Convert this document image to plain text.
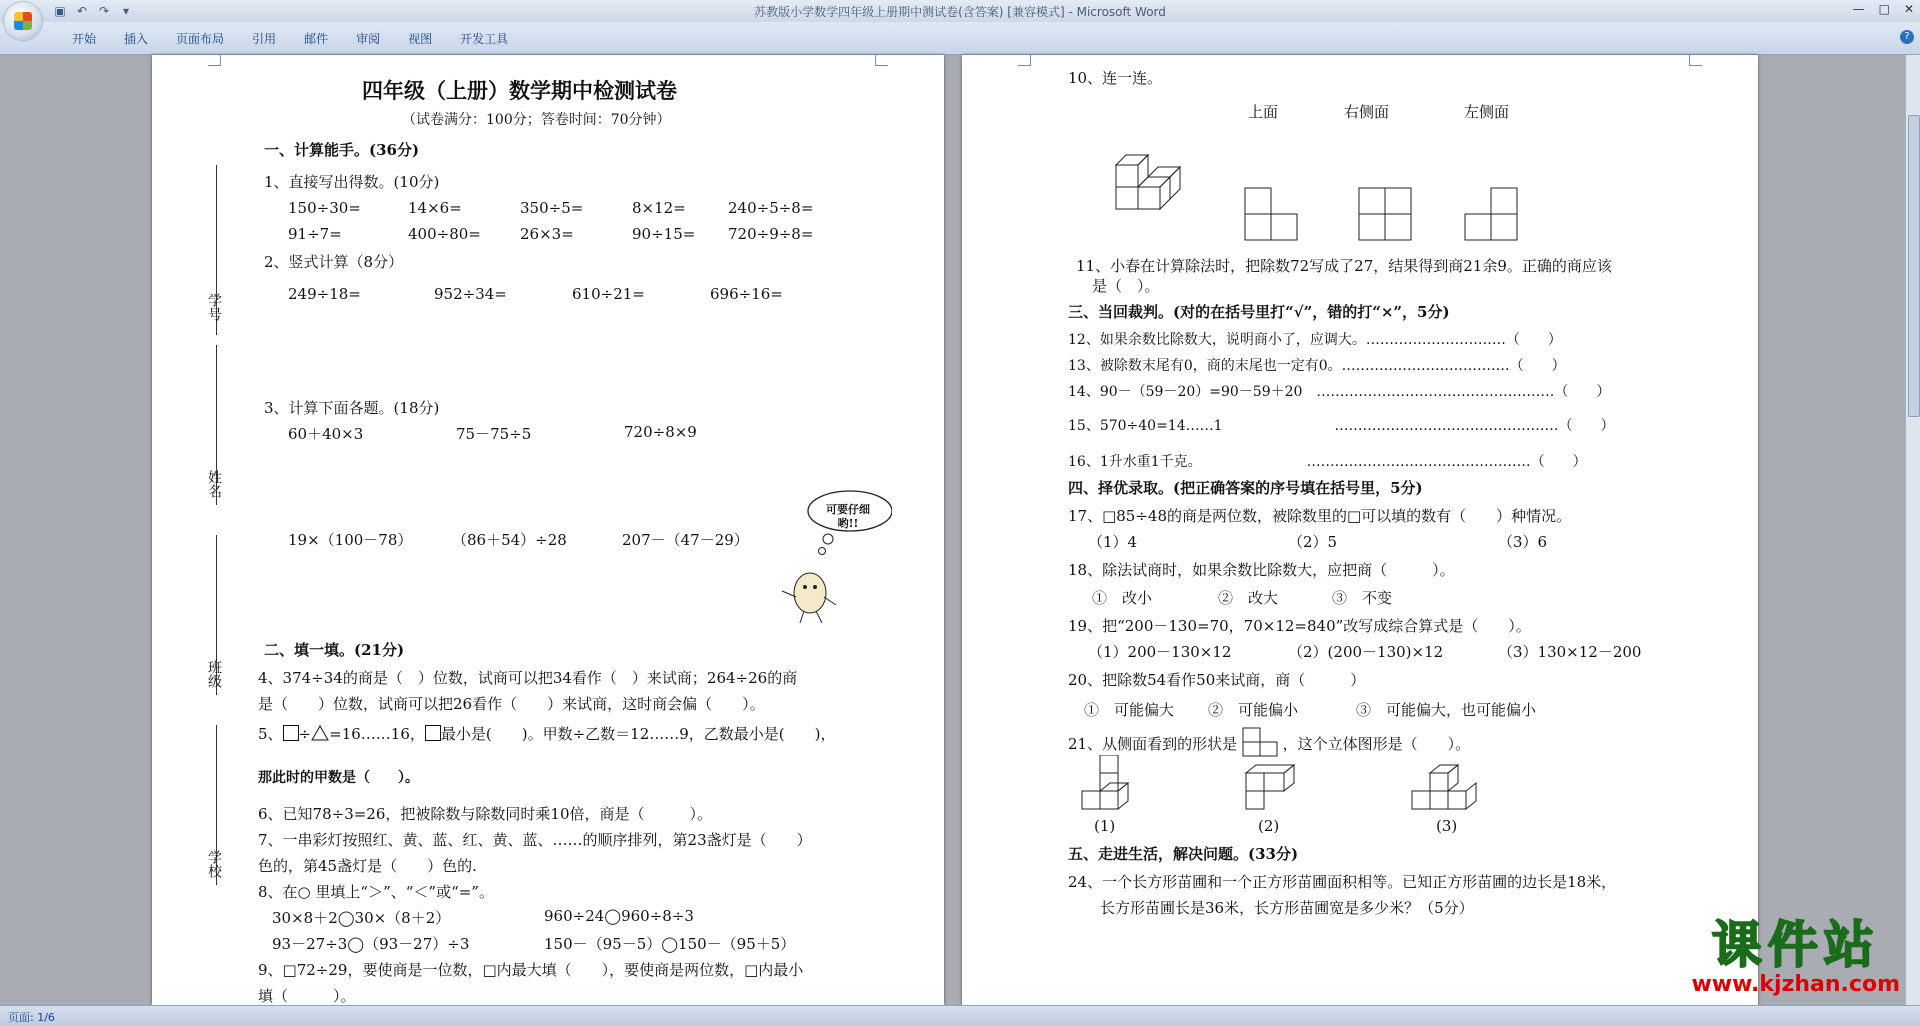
▣ ↶ ↷	▾	苏教版小学数学四年级上册期中测试卷(含答案) [兼容模式] - Microsoft Word	— □ ✕
开始	插入	页面布局	引用	邮件	审阅	视图	开发工具	?
学号
姓名
班级
学校
四年级（上册）数学期中检测试卷
（试卷满分：100分；答卷时间：70分钟）
一、计算能手。(36分)
1、直接写出得数。(10分)
150÷30=	14×6=	350÷5=	8×12=	240÷5÷8=
91÷7=	400÷80=	26×3=	90÷15= 720÷9÷8=
2、竖式计算（8分）
249÷18=	952÷34=	610÷21=	696÷16=
3、计算下面各题。(18分)
60＋40×3	75－75÷5	720÷8×9
19×（100－78）	（86＋54）÷28	207－（47－29）
可要仔细哟!!
二、填一填。(21分)
4、374÷34的商是（　）位数，试商可以把34看作（　）来试商；264÷26的商
是（　　）位数，试商可以把26看作（　　）来试商，这时商会偏（　　）。
5、 ÷ =16……16， 最小是(　　)。甲数÷乙数＝12……9，乙数最小是(　　)，
那此时的甲数是（　　）。
6、已知78÷3=26，把被除数与除数同时乘10倍，商是（　　　）。
7、一串彩灯按照红、黄、蓝、红、黄、蓝、……的顺序排列，第23盏灯是（　　）
色的，第45盏灯是（　　）色的.
8、在○ 里填上“＞”、“＜”或“=”。
30×8＋2◯30×（8＋2）	960÷24◯960÷8÷3
93－27÷3◯（93－27）÷3	150－（95－5）◯150－（95＋5）
9、□72÷29，要使商是一位数，□内最大填（　　），要使商是两位数，□内最小
填（　　　）。
10、连一连。
上面	右侧面	左侧面
11、小春在计算除法时，把除数72写成了27，结果得到商21余9。正确的商应该
是（　）。
三、当回裁判。(对的在括号里打“√”，错的打“×”，5分)
12、如果余数比除数大，说明商小了，应调大。…………………………（　　）
13、被除数末尾有0，商的末尾也一定有0。………………………………（　　）
14、90－（59－20）=90－59＋20　……………………………………………（　　）
15、570÷40=14……1　　　　　　　　…………………………………………（　　）
16、1升水重1千克。　　　　　　　　…………………………………………（　　）
四、择优录取。(把正确答案的序号填在括号里，5分)
17、□85÷48的商是两位数，被除数里的□可以填的数有（　　）种情况。
（1）4	（2）5	（3）6
18、除法试商时，如果余数比除数大，应把商（　　　）。
①　改小	②　改大	③　不变
19、把“200－130=70，70×12=840”改写成综合算式是（　　）。
（1）200－130×12	（2）(200－130)×12	（3）130×12－200
20、把除数54看作50来试商，商（　　　）
①　可能偏大 ②　可能偏小	③　可能偏大，也可能偏小
21、从侧面看到的形状是	，这个立体图形是（　　）。
(1)	(2)	(3)
五、走进生活，解决问题。(33分)
24、一个长方形苗圃和一个正方形苗圃面积相等。已知正方形苗圃的边长是18米，
长方形苗圃长是36米，长方形苗圃宽是多少米？（5分）
课件站
www.kjzhan.com
页面: 1/6
